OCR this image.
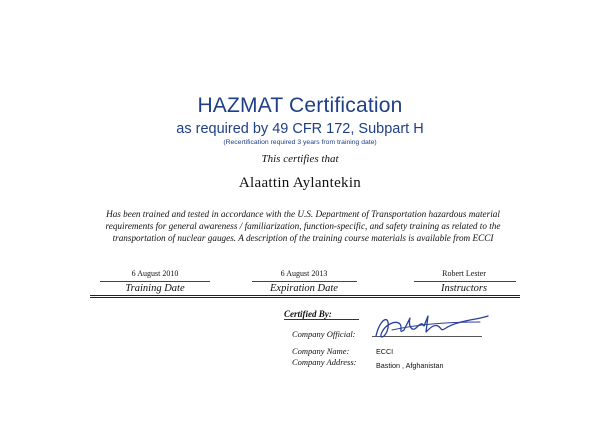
HAZMAT Certification
as required by 49 CFR 172, Subpart H
(Recertification required 3 years from training date)
This certifies that
Alaattin Aylantekin
Has been trained and tested in accordance with the U.S. Department of Transportation hazardous material
requirements for general awareness / familiarization, function-specific, and safety training as related to the
transportation of nuclear gauges. A description of the training course materials is available from ECCI
6 August 2010
Training Date
6 August 2013
Expiration Date
Robert Lester
Instructors
Certified By:
Company Official:
Company Name:	ECCI
Company Address:	Bastion , Afghanistan
